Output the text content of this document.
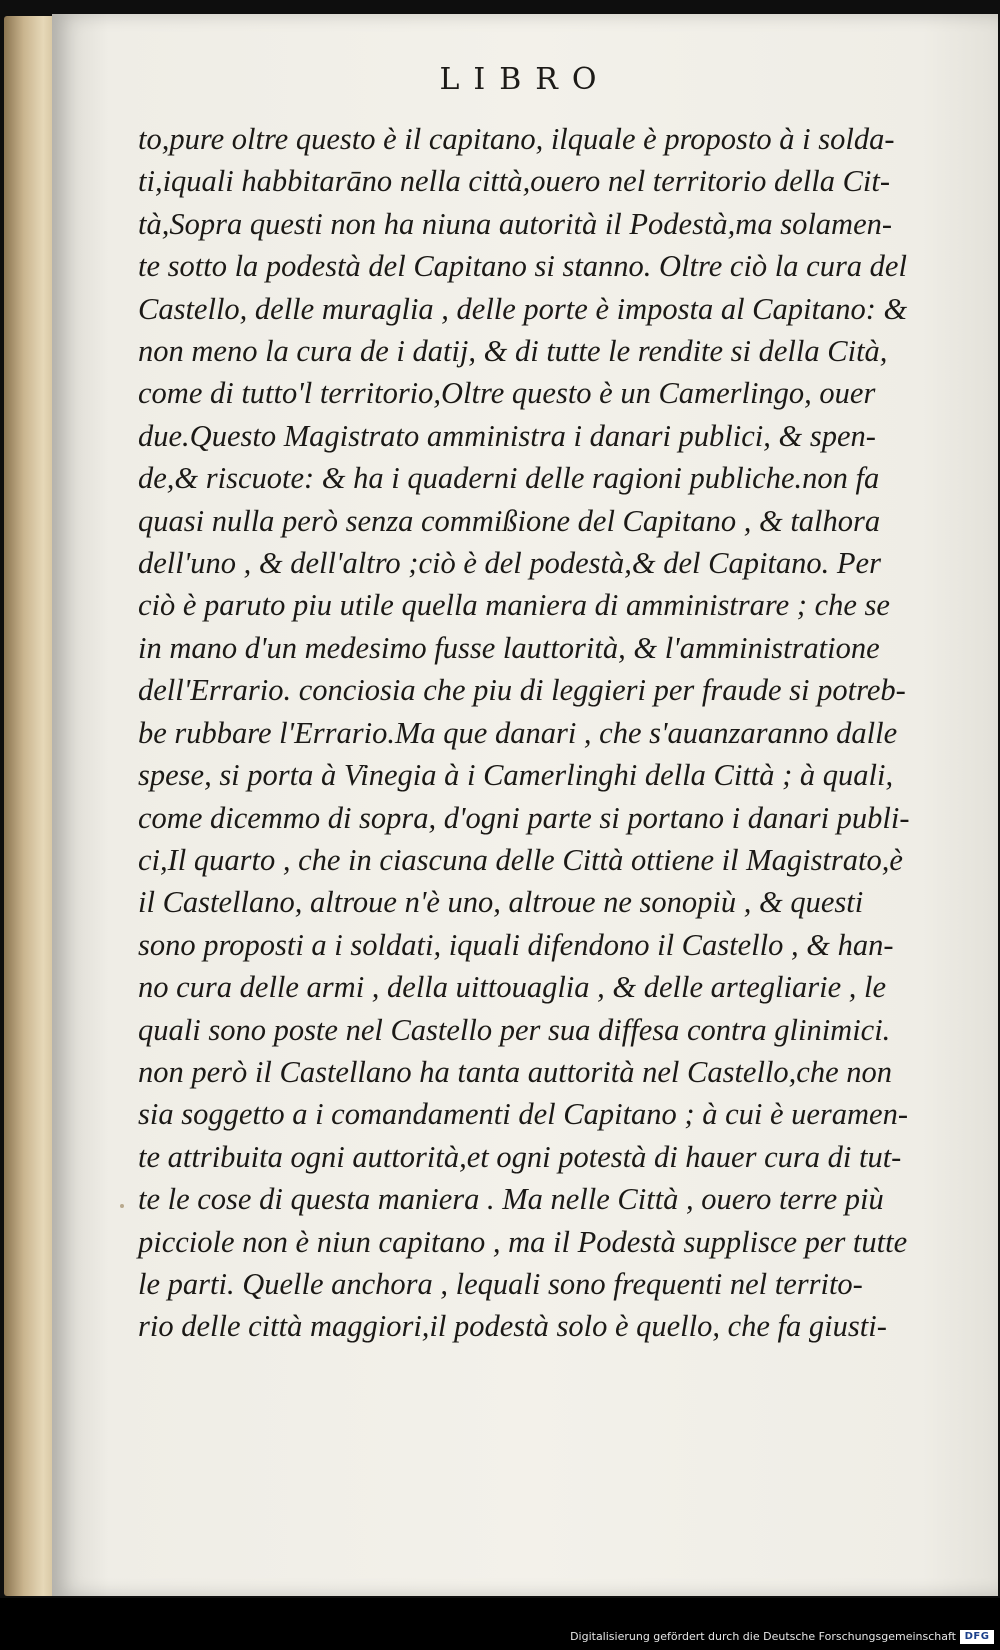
LIBRO
to,pure oltre questo è il capitano, ilquale è proposto à i solda-
ti,iquali habbitarāno nella città,ouero nel territorio della Cit-
tà,Sopra questi non ha niuna autorità il Podestà,ma solamen-
te sotto la podestà del Capitano si stanno. Oltre ciò la cura del
Castello, delle muraglia , delle porte è imposta al Capitano: &
non meno la cura de i datij, & di tutte le rendite si della Cità,
come di tutto'l territorio,Oltre questo è un Camerlingo, ouer
due.Questo Magistrato amministra i danari publici, & spen-
de,& riscuote: & ha i quaderni delle ragioni publiche.non fa
quasi nulla però senza commißione del Capitano , & talhora
dell'uno , & dell'altro ;ciò è del podestà,& del Capitano. Per
ciò è paruto piu utile quella maniera di amministrare ; che se
in mano d'un medesimo fusse lauttorità, & l'amministratione
dell'Errario. conciosia che piu di leggieri per fraude si potreb-
be rubbare l'Errario.Ma que danari , che s'auanzaranno dalle
spese, si porta à Vinegia à i Camerlinghi della Città ; à quali,
come dicemmo di sopra, d'ogni parte si portano i danari publi-
ci,Il quarto , che in ciascuna delle Città ottiene il Magistrato,è
il Castellano, altroue n'è uno, altroue ne sonopiù , & questi
sono proposti a i soldati, iquali difendono il Castello , & han-
no cura delle armi , della uittouaglia , & delle artegliarie , le
quali sono poste nel Castello per sua diffesa contra glinimici.
non però il Castellano ha tanta auttorità nel Castello,che non
sia soggetto a i comandamenti del Capitano ; à cui è ueramen-
te attribuita ogni auttorità,et ogni potestà di hauer cura di tut-
te le cose di questa maniera . Ma nelle Città , ouero terre più
picciole non è niun capitano , ma il Podestà supplisce per tutte
le parti. Quelle anchora , lequali sono frequenti nel territo-
rio delle città maggiori,il podestà solo è quello, che fa giusti-
Digitalisierung gefördert durch die Deutsche Forschungsgemeinschaft DFG
